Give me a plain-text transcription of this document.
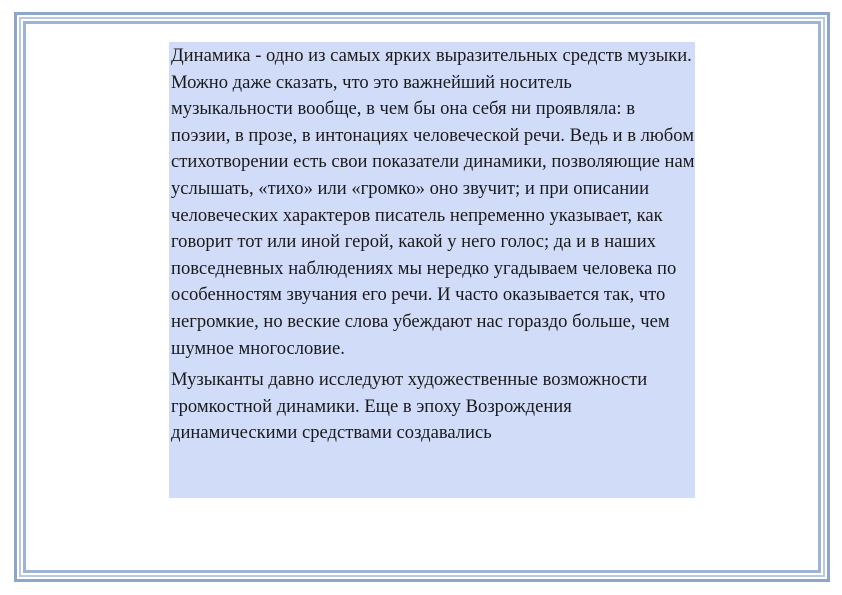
Динамика - одно из самых ярких выразительных средств музыки. Можно даже сказать, что это важнейший носитель музыкальности вообще, в чем бы она себя ни проявляла: в поэзии, в прозе, в интонациях человеческой речи. Ведь и в любом стихотворении есть свои показатели динамики, позволяющие нам услышать, «тихо» или «громко» оно звучит; и при описании человеческих характеров писатель непременно указывает, как говорит тот или иной герой, какой у него голос; да и в наших повседневных наблюдениях мы нередко угадываем человека по особенностям звучания его речи. И часто оказывается так, что негромкие, но веские слова убеждают нас гораздо больше, чем шумное многословие.

Музыканты давно исследуют художественные возможности громкостной динамики. Еще в эпоху Возрождения динамическими средствами создавались
